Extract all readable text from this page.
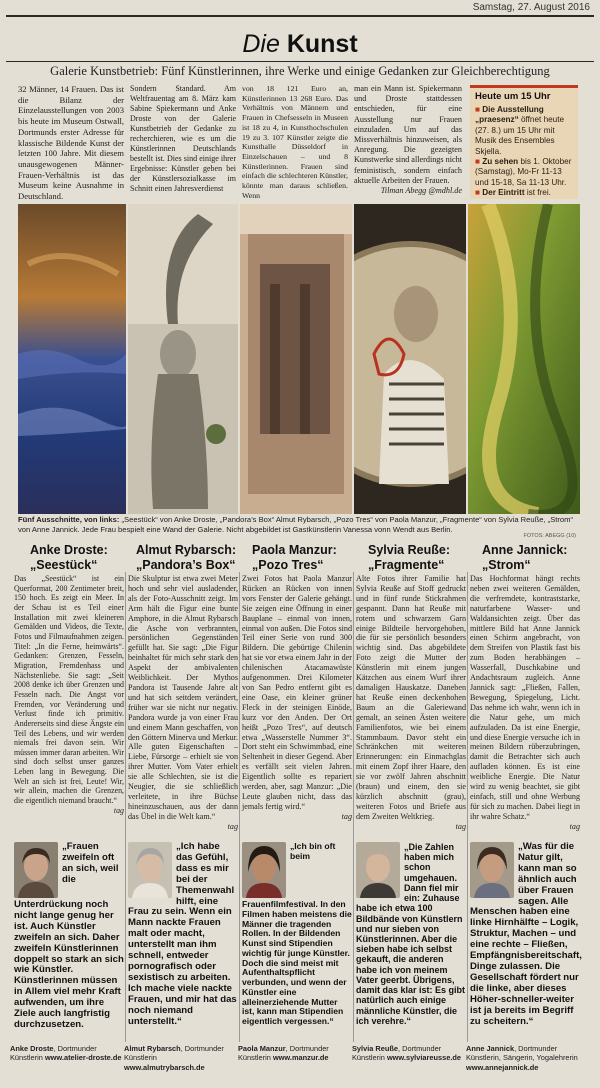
Samstag, 27. August 2016
Die Kunst
Galerie Kunstbetrieb: Fünf Künstlerinnen, ihre Werke und einige Gedanken zur Gleichberechtigung

32 Männer, 14 Frauen. Das ist die Bilanz der Einzelausstellungen von 2003 bis heute im Museum Ostwall, Dortmunds erster Adresse für klassische Bildende Kunst der letzten 100 Jahre. Mit diesem unausgewogenen Männer-Frauen-Verhältnis ist das Museum keine Ausnahme in Deutschland.

Sondern Standard. Am Weltfrauentag am 8. März kam Sabine Spiekermann und Anke Droste von der Galerie Kunstbetrieb der Gedanke zu recherchieren, wie es um die Künstlerinnen Deutschlands bestellt ist. Dies sind einige ihrer Ergebnisse: Künstler geben bei der Künstlersozialkasse im Schnitt einen Jahresverdienst

von 18 121 Euro an, Künstlerinnen 13 268 Euro. Das Verhältnis von Männern und Frauen in Chefsesseln in Museen ist 18 zu 4, in Kunsthochschulen 19 zu 3. 107 Künstler zeigte die Kunsthalle Düsseldorf in Einzelschauen – und 8 Künstlerinnen. Frauen sind einfach die schlechteren Künstler, könnte man daraus schließen. Wenn

man ein Mann ist. Spiekermann und Droste stattdessen entschieden, für eine Ausstellung nur Frauen einzuladen. Um auf das Missverhältnis hinzuweisen, als Anregung. Die gezeigten Kunstwerke sind allerdings nicht feministisch, sondern einfach aktuelle Arbeiten der Frauen.

Tilman Abegg @mdhl.de

Heute um 15 Uhr
■ Die Ausstellung „praesenz“ öffnet heute (27. 8.) um 15 Uhr mit Musik des Ensembles Skjella.
■ Zu sehen bis 1. Oktober (Samstag), Mo-Fr 11-13 und 15-18, Sa 11-13 Uhr.
■ Der Eintritt ist frei.
Fünf Ausschnitte, von links: „Seestück“ von Anke Droste, „Pandora’s Box“ Almut Rybarsch, „Pozo Tres“ von Paola Manzur, „Fragmente“ von Sylvia Reuße, „Strom“ von Anne Jannick. Jede Frau bespielt eine Wand der Galerie. Nicht abgebildet ist Gastkünstlerin Vanessa vonn Wendt aus Berlin.
FOTOS: ABEGG (10)
Anke Droste:
„Seestück“
Almut Rybarsch:
„Pandora’s Box“
Paola Manzur:
„Pozo Tres“
Sylvia Reuße:
„Fragmente“
Anne Jannick:
„Strom“

Das „Seestück“ ist ein Querformat, 200 Zentimeter breit, 150 hoch. Es zeigt ein Meer. In der Schau ist es Teil einer Installation mit zwei kleineren Gemälden und Videos, die Texte, Fotos und Filmaufnahmen zeigen. Titel: „In die Ferne, heimwärts“. Gedanken: Grenzen, Fesseln, Migration, Fremdenhass und Nächstenliebe. Sie sagt: „Seit 2008 denke ich über Grenzen und Fesseln nach. Die Angst vor Fremden, vor Veränderung und Verlust finde ich primitiv. Andererseits sind diese Ängste ein Teil des Lebens, und wir werden niemals frei davon sein. Wir müssen immer daran arbeiten. Wir sind doch selbst unser ganzes Leben lang in Bewegung. Die Welt an sich ist frei, Leute! Wir, wir allein, machen die Grenzen, die eigentlich niemand braucht.“

tag

Die Skulptur ist etwa zwei Meter hoch und sehr viel ausladender, als der Foto-Ausschnitt zeigt. Im Arm hält die Figur eine bunte Amphore, in die Almut Rybarsch die Asche von verbrannten, persönlichen Gegenständen gefüllt hat. Sie sagt: „Die Figur beinhaltet für mich sehr stark den Aspekt der ambivalenten Weiblichkeit. Der Mythos Pandora ist Tausende Jahre alt und hat sich seitdem verändert, früher war sie nicht nur negativ. Pandora wurde ja von einer Frau und einem Mann geschaffen, von den Göttern Minerva und Merkur. Alle guten Eigenschaften – Liebe, Fürsorge – erhielt sie von ihrer Mutter. Vom Vater erhielt sie alle Schlechten, sie ist die Neugier, die sie schließlich verleitete, in ihre Büchse hineinzuschauen, aus der dann das Übel in die Welt kam.“

tag

Zwei Fotos hat Paola Manzur Rücken an Rücken von innen vors Fenster der Galerie gehängt. Sie zeigen eine Öffnung in einer Bauplane – einmal von innen, einmal von außen. Die Fotos sind Teil einer Serie von rund 300 Bildern. Die gebürtige Chilenin hat sie vor etwa einem Jahr in der chilenischen Atacamawüste aufgenommen. Drei Kilometer von San Pedro entfernt gibt es eine Oase, ein kleiner grüner Fleck in der steinigen Einöde, kurz vor den Anden. Der Ort heißt „Pozo Tres“, auf deutsch etwa „Wasserstelle Nummer 3“. Dort steht ein Schwimmbad, eine Seltenheit in dieser Gegend. Aber es verfällt seit vielen Jahren. Eigentlich sollte es repariert werden, aber, sagt Manzur: „Die Leute glauben nicht, dass das jemals fertig wird.“

tag

Alte Fotos ihrer Familie hat Sylvia Reuße auf Stoff gedruckt und in fünf runde Stickrahmen gespannt. Dann hat Reuße mit rotem und schwarzem Garn einige Bildteile hervorgehoben, die für sie persönlich besonders wichtig sind. Das abgebildete Foto zeigt die Mutter der Künstlerin mit einem jungen Kätzchen aus einem Wurf ihrer damaligen Hauskatze. Daneben hat Reuße einen deckenhohen Baum an die Galeriewand gemalt, an seinen Ästen weitere Familienfotos, wie bei einem Stammbaum. Davor steht ein Schränkchen mit weiteren Erinnerungen: ein Einmachglas mit einem Zopf ihrer Haare, den sie vor zwölf Jahren abschnitt (braun) und einem, den sie kürzlich abschnitt (grau), weiteren Fotos und Briefe aus dem Zweiten Weltkrieg.

tag

Das Hochformat hängt rechts neben zwei weiteren Gemälden, die verfremdete, kontraststarke, naturfarbene Wasser- und Waldansichten zeigt. Über das mittlere Bild hat Anne Jannick einen Schirm angebracht, von dem Streifen von Plastik fast bis zum Boden herabhängen – Wasserfall, Duschkabine und Andachtsraum zugleich. Anne Jannick sagt: „Fließen, Fallen, Bewegung, Spiegelung, Licht. Das nehme ich wahr, wenn ich in die Natur gehe, um mich aufzuladen. Da ist eine Energie, und diese Energie versuche ich in meinen Bildern rüberzubringen, damit die Betrachter sich auch aufladen können. Es ist eine weibliche Energie. Die Natur wird zu wenig beachtet, sie gibt einfach, still und ohne Werbung für sich zu machen. Dabei liegt in ihr wahre Schatz.“

tag

„Frauen zweifeln oft an sich, weil die Unterdrückung noch nicht lange genug her ist. Auch Künstler zweifeln an sich. Daher zweifeln Künstlerinnen doppelt so stark an sich wie Künstler. Künstlerinnen müssen in Allem viel mehr Kraft aufwenden, um ihre Ziele auch langfristig durchzusetzen.
„Ich habe das Gefühl, dass es mir bei der Themenwahl hilft, eine Frau zu sein. Wenn ein Mann nackte Frauen malt oder macht, unterstellt man ihm schnell, entweder pornografisch oder sexistisch zu arbeiten. Ich mache viele nackte Frauen, und mir hat das noch niemand unterstellt.“
„Ich bin oft beim Frauenfilmfestival. In den Filmen haben meistens die Männer die tragenden Rollen. In der Bildenden Kunst sind Stipendien wichtig für junge Künstler. Doch die sind meist mit Aufenthaltspflicht verbunden, und wenn der Künstler eine alleinerziehende Mutter ist, kann man Stipendien eigentlich vergessen.“
„Die Zahlen haben mich schon umgehauen. Dann fiel mir ein: Zuhause habe ich etwa 100 Bildbände von Künstlern und nur sieben von Künstlerinnen. Aber die sieben habe ich selbst gekauft, die anderen habe ich von meinem Vater geerbt. Übrigens, damit das klar ist: Es gibt natürlich auch einige männliche Künstler, die ich verehre.“
„Was für die Natur gilt, kann man so ähnlich auch über Frauen sagen. Alle Menschen haben eine linke Hirnhälfte – Logik, Struktur, Machen – und eine rechte – Fließen, Empfängnisbereitschaft, Dinge zulassen. Die Gesellschaft fördert nur die linke, aber dieses Höher-schneller-weiter ist ja bereits im Begriff zu scheitern.“
Anke Droste, Dortmunder Künstlerin www.atelier-droste.de
Almut Rybarsch, Dortmunder Künstlerin www.almutrybarsch.de
Paola Manzur, Dortmunder Künstlerin www.manzur.de
Sylvia Reuße, Dortmunder Künstlerin www.sylviareusse.de
Anne Jannick, Dortmunder Künstlerin, Sängerin, Yogalehrerin www.annejannick.de
